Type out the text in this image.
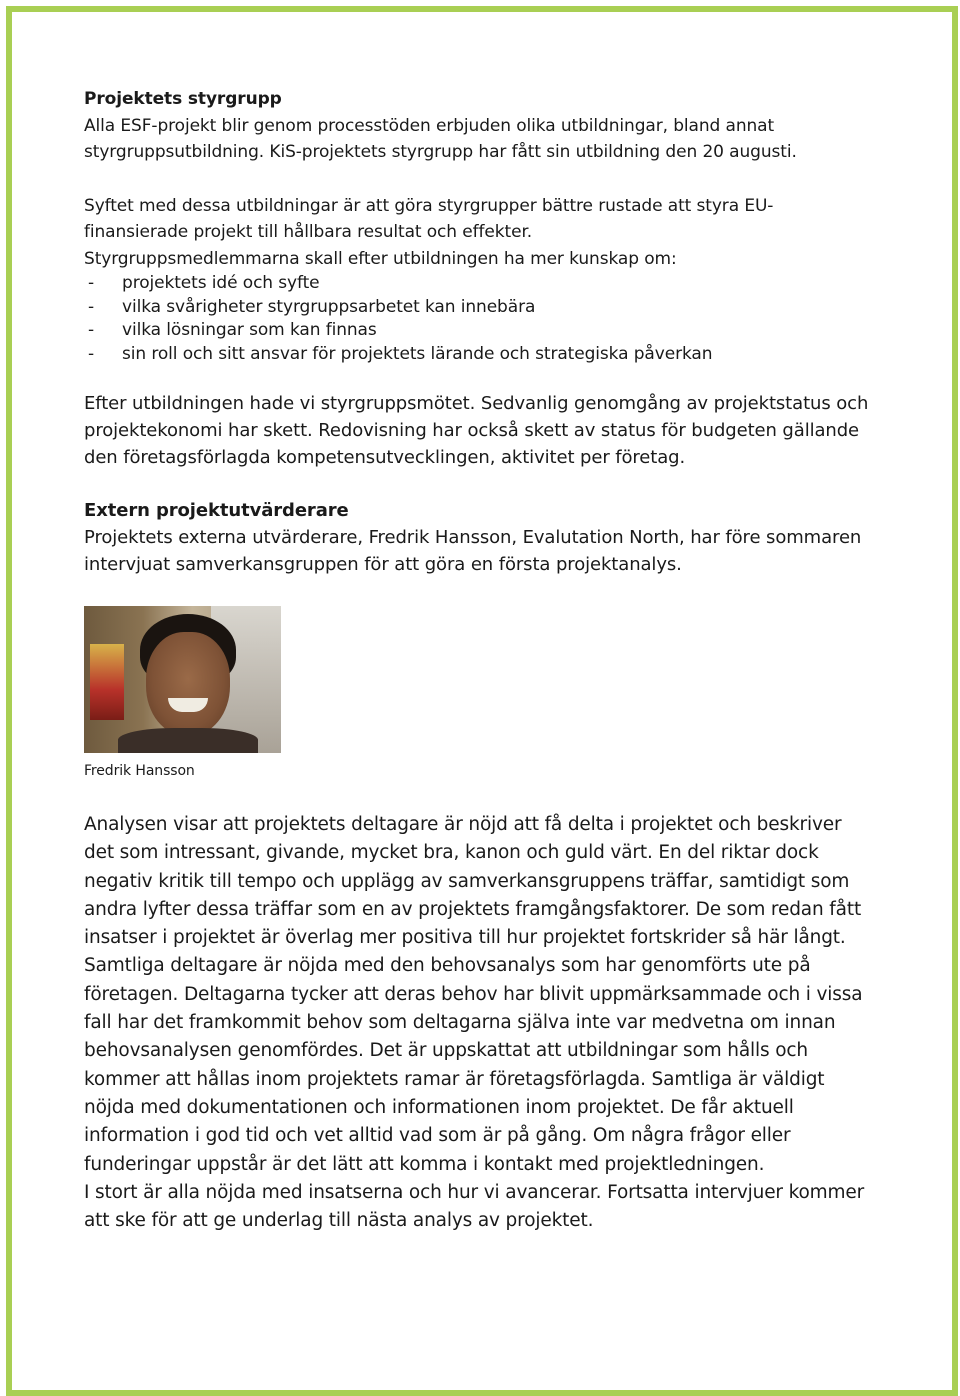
Projektets styrgrupp

Alla ESF-projekt blir genom processtöden erbjuden olika utbildningar, bland annat styrgruppsutbildning. KiS-projektets styrgrupp har fått sin utbildning den 20 augusti.

Syftet med dessa utbildningar är att göra styrgrupper bättre rustade att styra EU-finansierade projekt till hållbara resultat och effekter.

Styrgruppsmedlemmarna skall efter utbildningen ha mer kunskap om:

- projektets idé och syfte
- vilka svårigheter styrgruppsarbetet kan innebära
- vilka lösningar som kan finnas
- sin roll och sitt ansvar för projektets lärande och strategiska påverkan

Efter utbildningen hade vi styrgruppsmötet. Sedvanlig genomgång av projektstatus och projektekonomi har skett. Redovisning har också skett av status för budgeten gällande den företagsförlagda kompetensutvecklingen, aktivitet per företag.

Extern projektutvärderare

Projektets externa utvärderare, Fredrik Hansson, Evalutation North, har före sommaren intervjuat samverkansgruppen för att göra en första projektanalys.

Fredrik Hansson

Analysen visar att projektets deltagare är nöjd att få delta i projektet och beskriver det som intressant, givande, mycket bra, kanon och guld värt. En del riktar dock negativ kritik till tempo och upplägg av samverkansgruppens träffar, samtidigt som andra lyfter dessa träffar som en av projektets framgångsfaktorer. De som redan fått insatser i projektet är överlag mer positiva till hur projektet fortskrider så här långt. Samtliga deltagare är nöjda med den behovsanalys som har genomförts ute på företagen. Deltagarna tycker att deras behov har blivit uppmärksammade och i vissa fall har det framkommit behov som deltagarna själva inte var medvetna om innan behovsanalysen genomfördes. Det är uppskattat att utbildningar som hålls och kommer att hållas inom projektets ramar är företagsförlagda. Samtliga är väldigt nöjda med dokumentationen och informationen inom projektet. De får aktuell information i god tid och vet alltid vad som är på gång. Om några frågor eller funderingar uppstår är det lätt att komma i kontakt med projektledningen.

I stort är alla nöjda med insatserna och hur vi avancerar. Fortsatta intervjuer kommer att ske för att ge underlag till nästa analys av projektet.
